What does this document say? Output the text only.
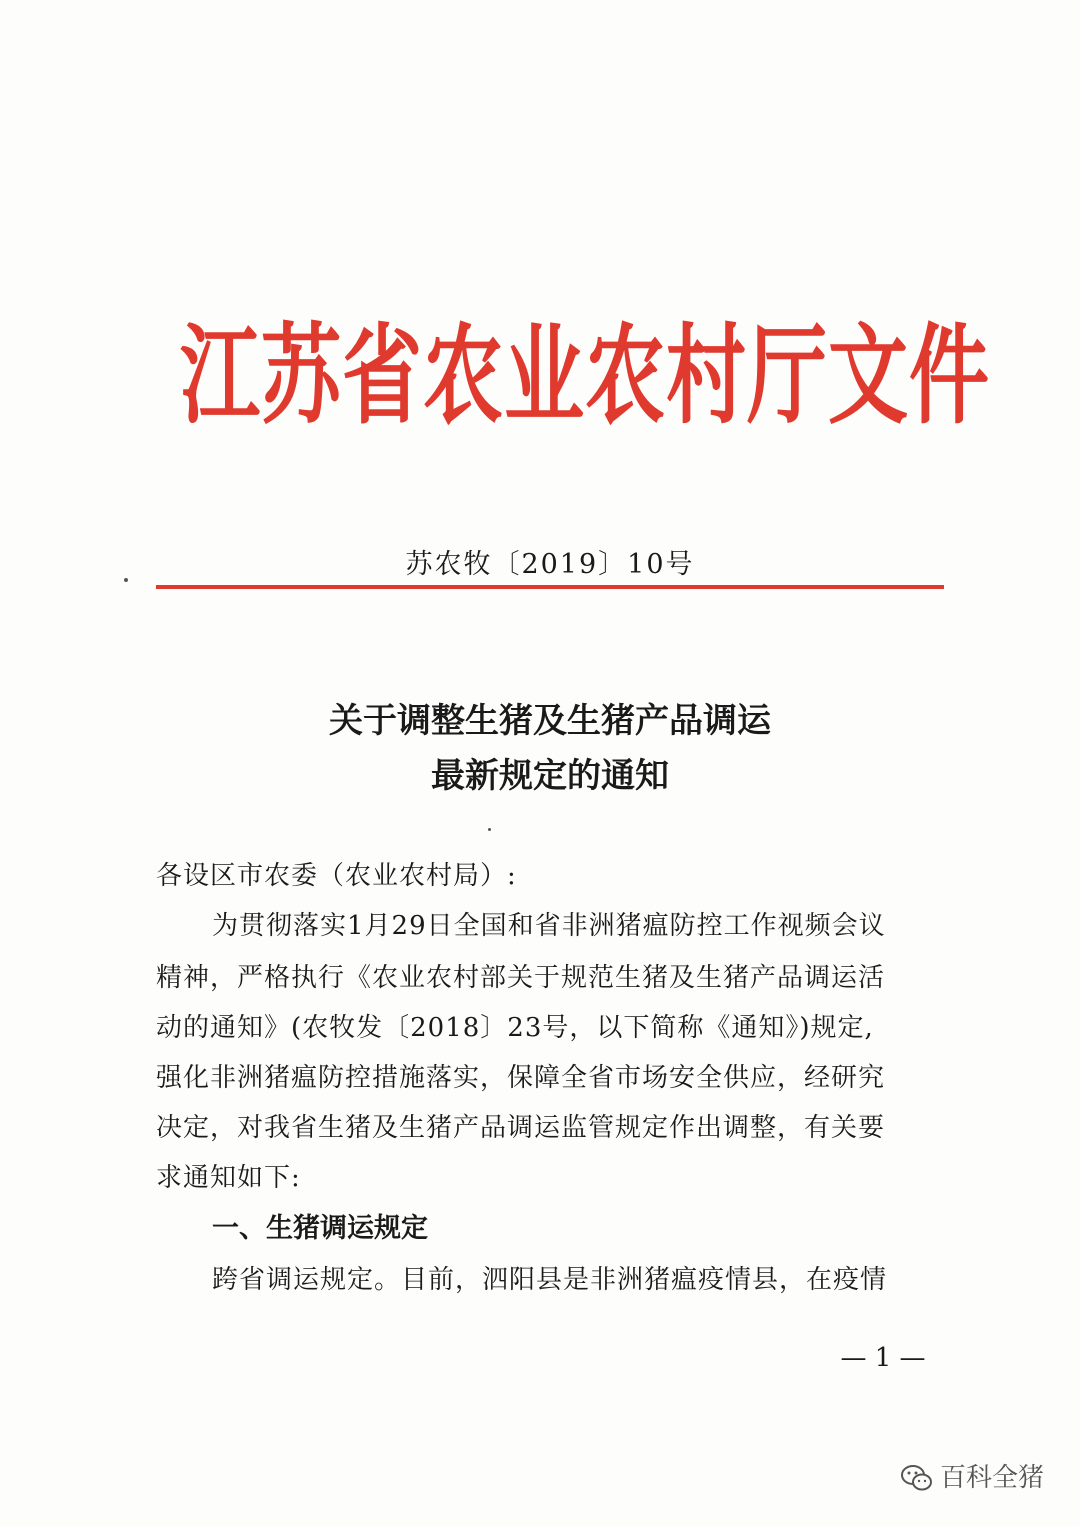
江苏省农业农村厅文件
苏农牧〔2019〕10号
关于调整生猪及生猪产品调运
最新规定的通知
各设区市农委（农业农村局）:
为贯彻落实1月29日全国和省非洲猪瘟防控工作视频会议
精神，严格执行《农业农村部关于规范生猪及生猪产品调运活
动的通知》(农牧发〔2018〕23号，以下简称《通知》)规定,
强化非洲猪瘟防控措施落实，保障全省市场安全供应，经研究
决定，对我省生猪及生猪产品调运监管规定作出调整，有关要
求通知如下:
一、生猪调运规定
跨省调运规定。目前，泗阳县是非洲猪瘟疫情县，在疫情
— 1 —
百科全猪
